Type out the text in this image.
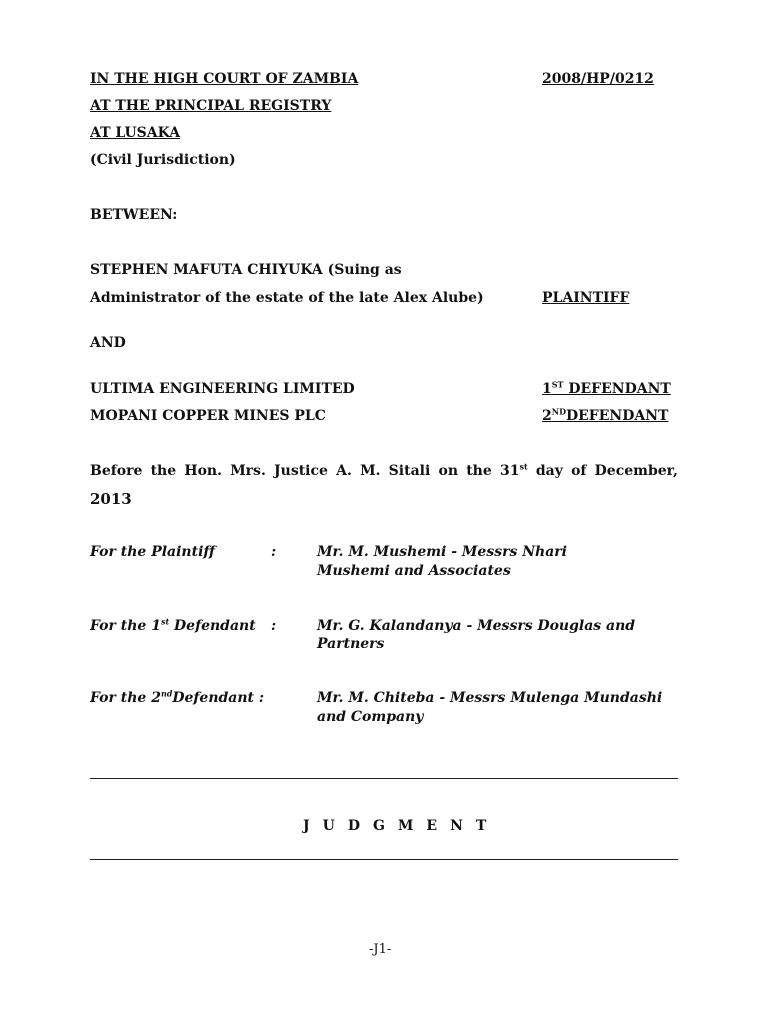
IN THE HIGH COURT OF ZAMBIA	2008/HP/0212
AT THE PRINCIPAL REGISTRY
AT LUSAKA
(Civil Jurisdiction)
BETWEEN:
STEPHEN MAFUTA CHIYUKA (Suing as
Administrator of the estate of the late Alex Alube)	PLAINTIFF
AND
ULTIMA ENGINEERING LIMITED	1ST DEFENDANT
MOPANI COPPER MINES PLC	2NDDEFENDANT
Before the Hon. Mrs. Justice A. M. Sitali on the 31st day of December,
2013
For the Plaintiff	:	Mr. M. Mushemi - Messrs Nhari
Mushemi and Associates
For the 1st Defendant :	Mr. G. Kalandanya - Messrs Douglas and
Partners
For the 2ndDefendant :	Mr. M. Chiteba - Messrs Mulenga Mundashi
and Company
JUDGMENT
-J1-
